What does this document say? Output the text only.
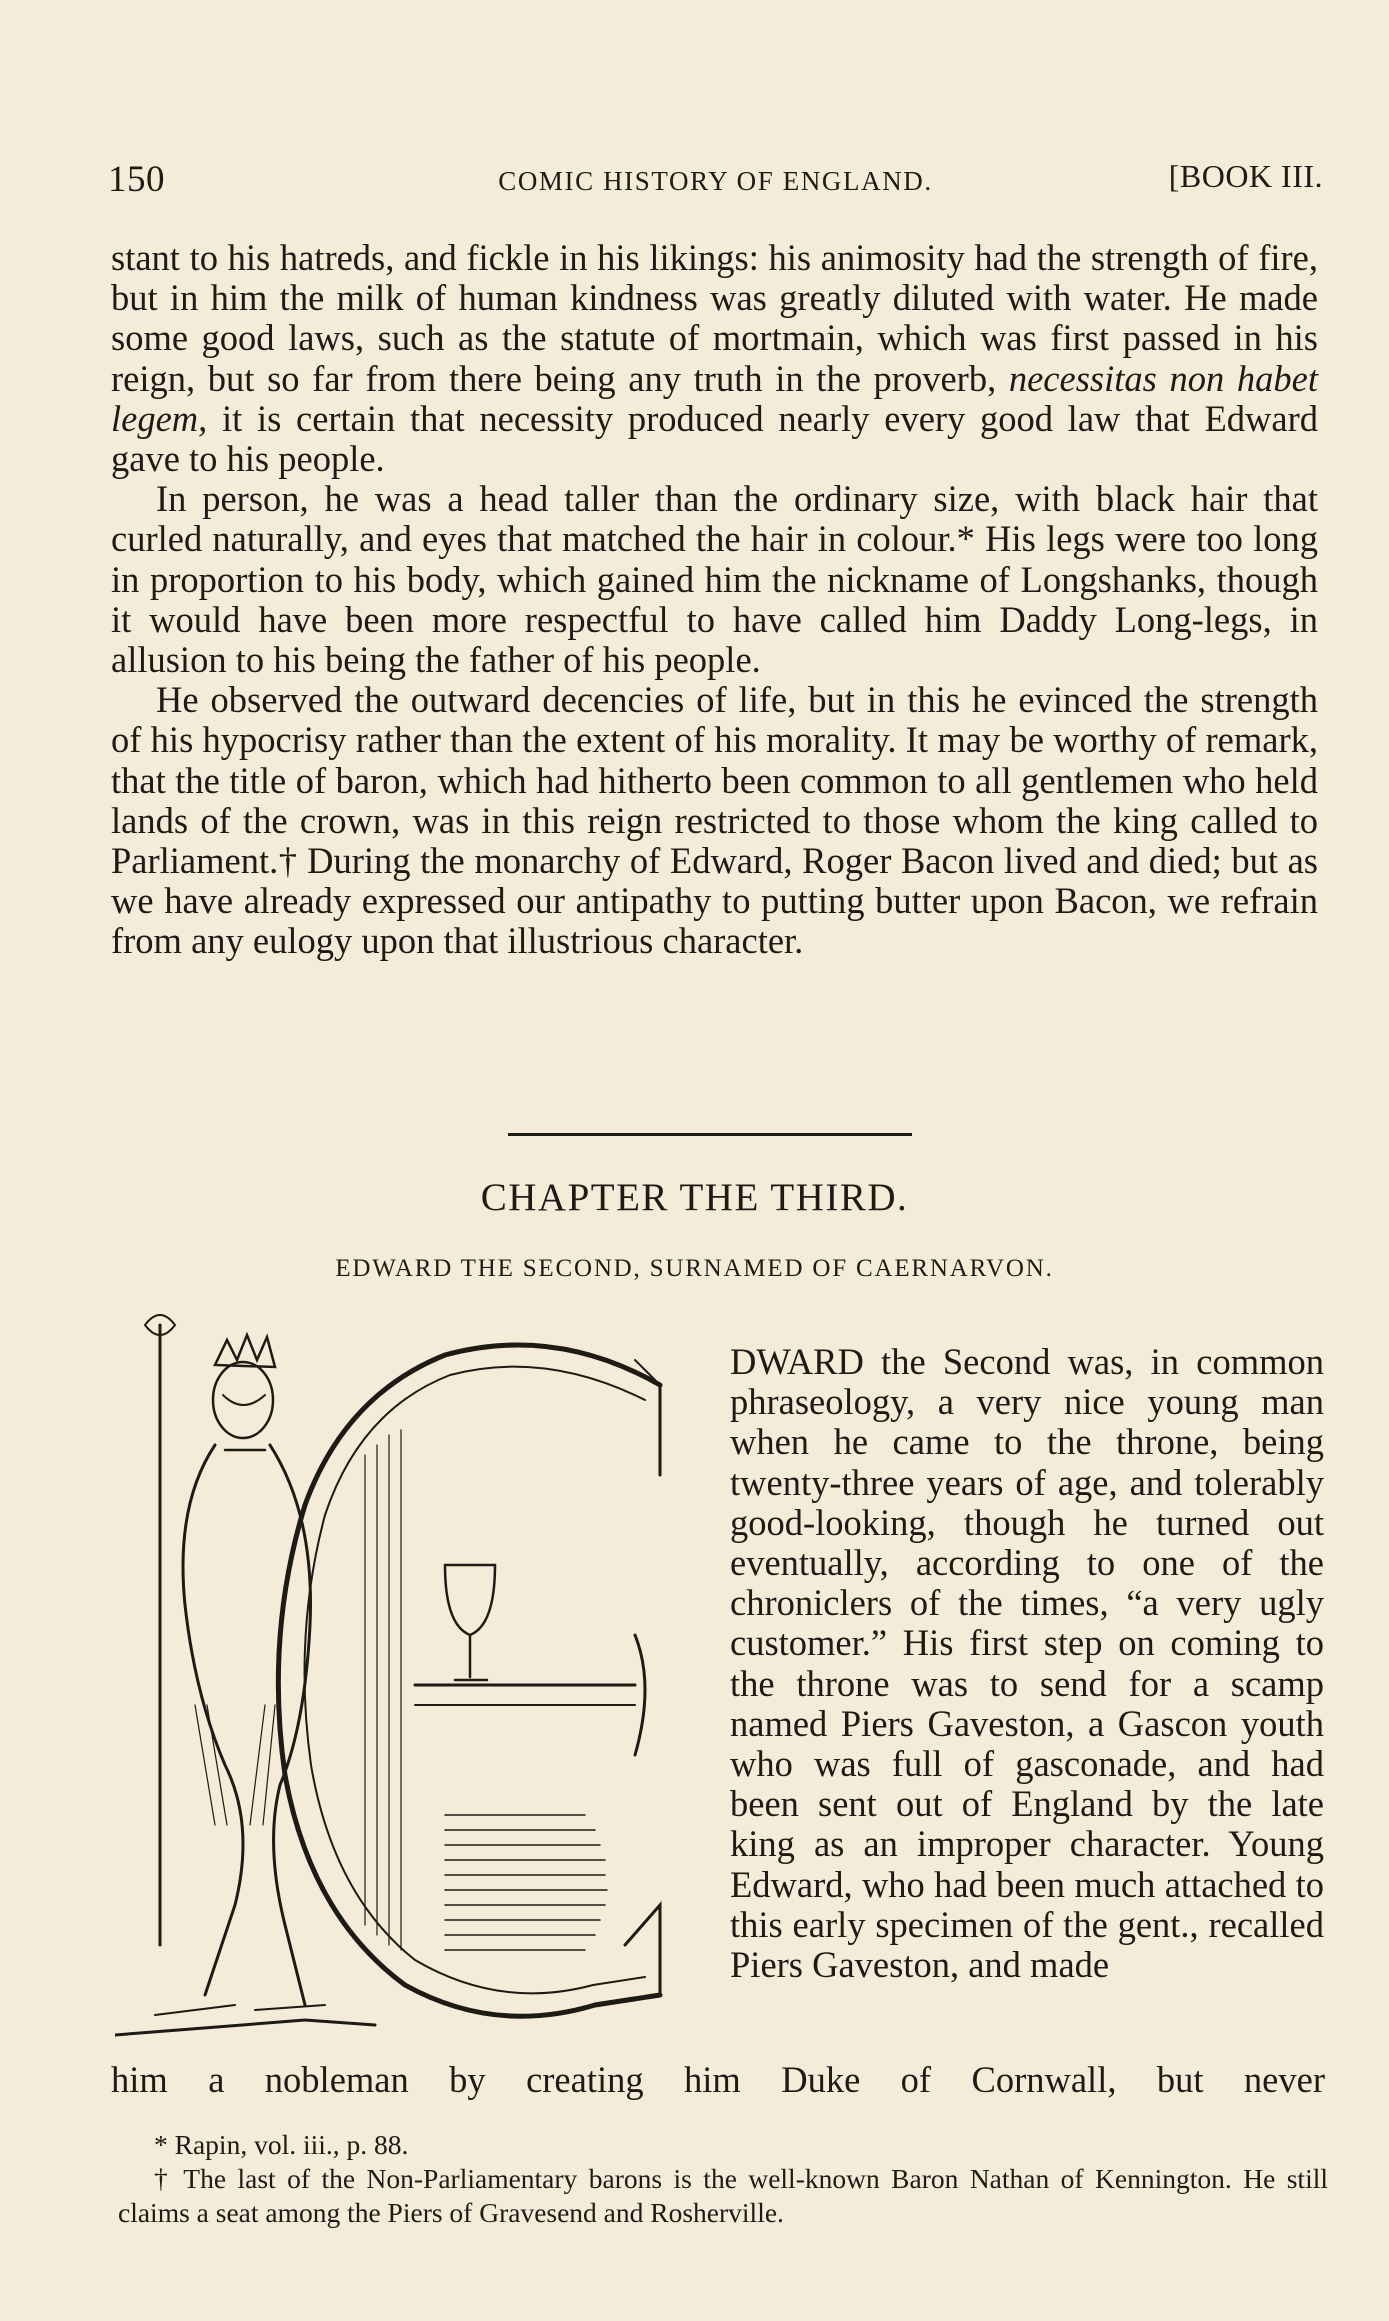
150	COMIC HISTORY OF ENGLAND.	[BOOK III.

stant to his hatreds, and fickle in his likings: his animosity had the strength of fire, but in him the milk of human kindness was greatly diluted with water. He made some good laws, such as the statute of mortmain, which was first passed in his reign, but so far from there being any truth in the proverb, necessitas non habet legem, it is certain that necessity produced nearly every good law that Edward gave to his people.

In person, he was a head taller than the ordinary size, with black hair that curled naturally, and eyes that matched the hair in colour.* His legs were too long in proportion to his body, which gained him the nickname of Longshanks, though it would have been more respectful to have called him Daddy Long-legs, in allusion to his being the father of his people.

He observed the outward decencies of life, but in this he evinced the strength of his hypocrisy rather than the extent of his morality. It may be worthy of remark, that the title of baron, which had hitherto been common to all gentlemen who held lands of the crown, was in this reign restricted to those whom the king called to Parliament.† During the monarchy of Edward, Roger Bacon lived and died; but as we have already expressed our antipathy to putting butter upon Bacon, we refrain from any eulogy upon that illustrious character.

CHAPTER THE THIRD.
EDWARD THE SECOND, SURNAMED OF CAERNARVON.

DWARD the Second was, in common phraseology, a very nice young man when he came to the throne, being twenty-three years of age, and tolerably good-looking, though he turned out eventually, according to one of the chroniclers of the times, “a very ugly customer.” His first step on coming to the throne was to send for a scamp named Piers Gaveston, a Gascon youth who was full of gasconade, and had been sent out of England by the late king as an improper character. Young Edward, who had been much attached to this early specimen of the gent., recalled Piers Gaveston, and made

him a nobleman by creating him Duke of Cornwall, but never

* Rapin, vol. iii., p. 88.

† The last of the Non-Parliamentary barons is the well-known Baron Nathan of Kennington. He still claims a seat among the Piers of Gravesend and Rosherville.
